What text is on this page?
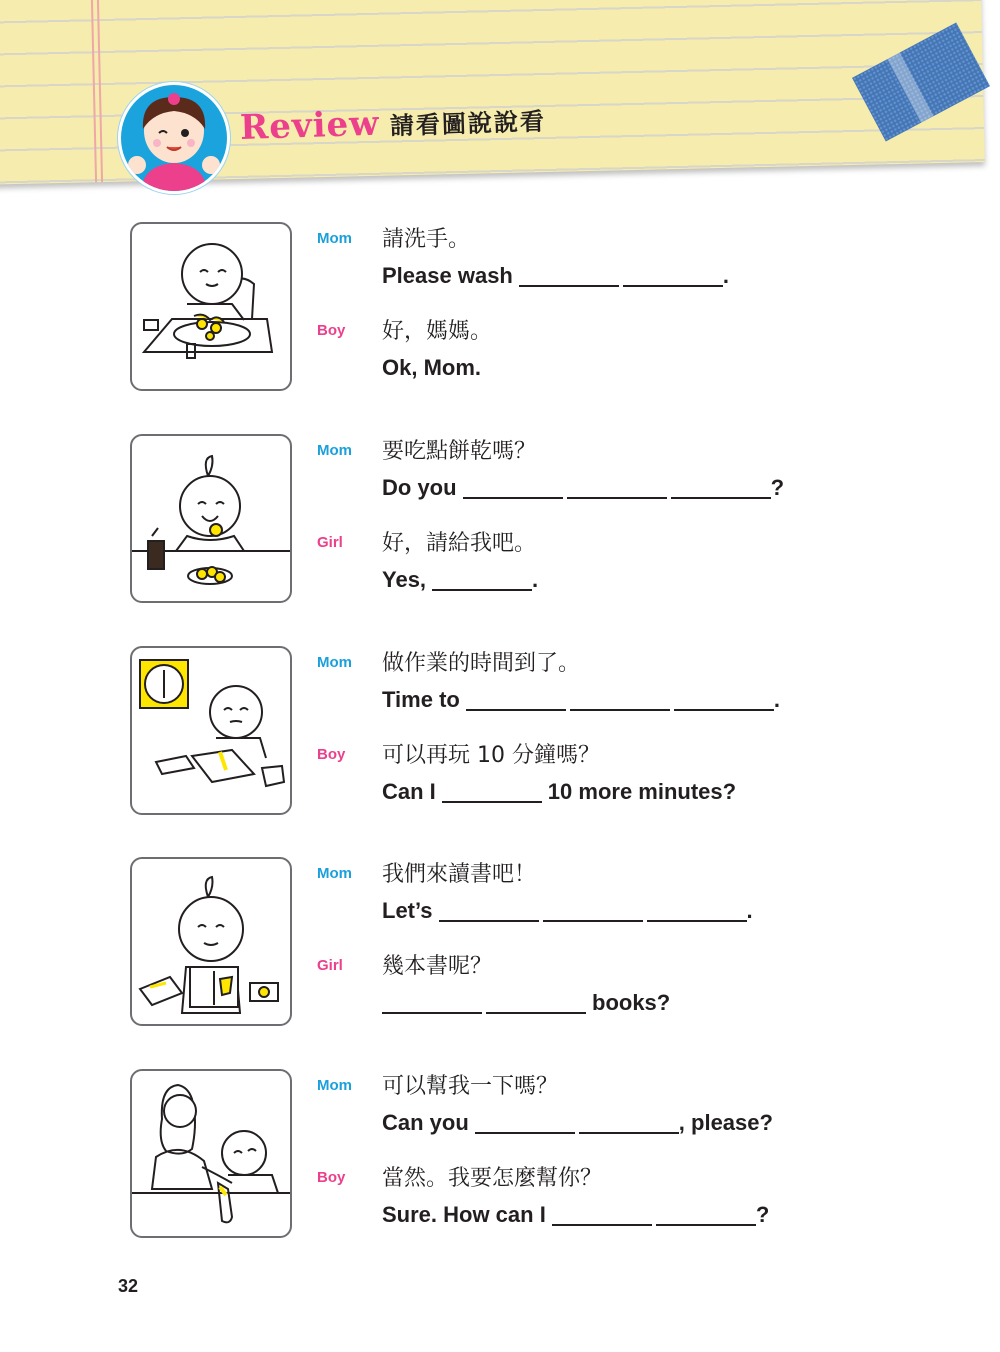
Review 請看圖說說看
Mom 請洗手。
Please wash	.
Boy 好，媽媽。
Ok, Mom.
Mom 要吃點餅乾嗎？
Do you	?
Girl 好，請給我吧。
Yes,	.
Mom 做作業的時間到了。
Time to	.
Boy 可以再玩 10 分鐘嗎？
Can I	10 more minutes?
Mom 我們來讀書吧！
Let’s	.
Girl 幾本書呢？
books?
Mom 可以幫我一下嗎？
Can you	, please?
Boy 當然。我要怎麼幫你？
Sure. How can I	?
32
